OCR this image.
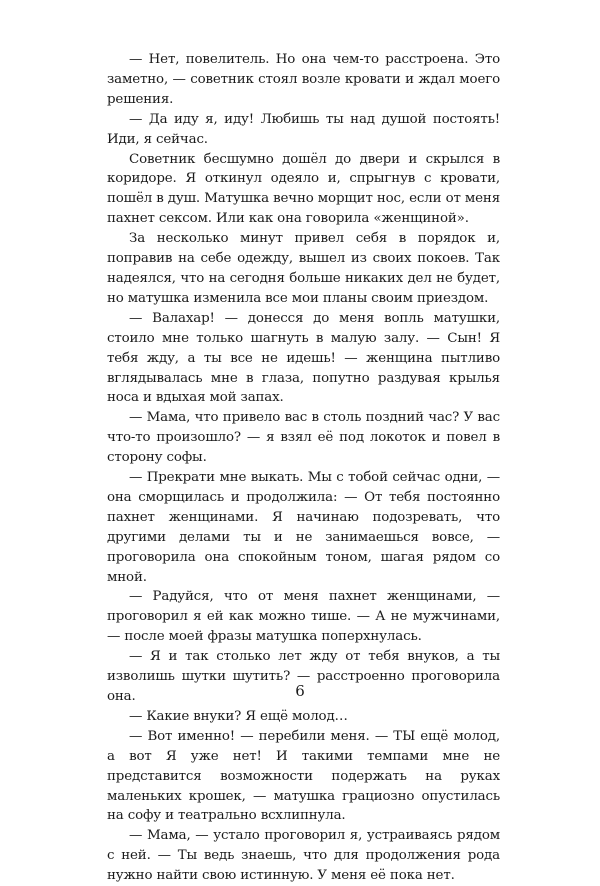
— Нет, повелитель. Но она чем-то расстроена. Это заметно, — советник стоял возле кровати и ждал моего решения.

— Да иду я, иду! Любишь ты над душой постоять! Иди, я сейчас.

Советник бесшумно дошёл до двери и скрылся в коридоре. Я откинул одеяло и, спрыгнув с кровати, пошёл в душ. Матушка вечно морщит нос, если от меня пахнет сексом. Или как она говорила «женщиной».

За несколько минут привел себя в порядок и, поправив на себе одежду, вышел из своих покоев. Так надеялся, что на сегодня больше никаких дел не будет, но матушка изменила все мои планы своим приездом.

— Валахар! — донесся до меня вопль матушки, стоило мне только шагнуть в малую залу. — Сын! Я тебя жду, а ты все не идешь! — женщина пытливо вглядывалась мне в глаза, попутно раздувая крылья носа и вдыхая мой запах.

— Мама, что привело вас в столь поздний час? У вас что-то произошло? — я взял её под локоток и повел в сторону софы.

— Прекрати мне выкать. Мы с тобой сейчас одни, — она сморщилась и продолжила: — От тебя постоянно пахнет женщинами. Я начинаю подозревать, что другими делами ты и не занимаешься вовсе, — проговорила она спокойным тоном, шагая рядом со мной.

— Радуйся, что от меня пахнет женщинами, — проговорил я ей как можно тише. — А не мужчинами, — после моей фразы матушка поперхнулась.

— Я и так столько лет жду от тебя внуков, а ты изволишь шутки шутить? — расстроенно проговорила она.

— Какие внуки? Я ещё молод…

— Вот именно! — перебили меня. — ТЫ ещё молод, а вот Я уже нет! И такими темпами мне не представится возможности подержать на руках маленьких крошек, — матушка грациозно опустилась на софу и театрально всхлипнула.

— Мама, — устало проговорил я, устраиваясь рядом с ней. — Ты ведь знаешь, что для продолжения рода нужно найти свою истинную. У меня её пока нет.

6
